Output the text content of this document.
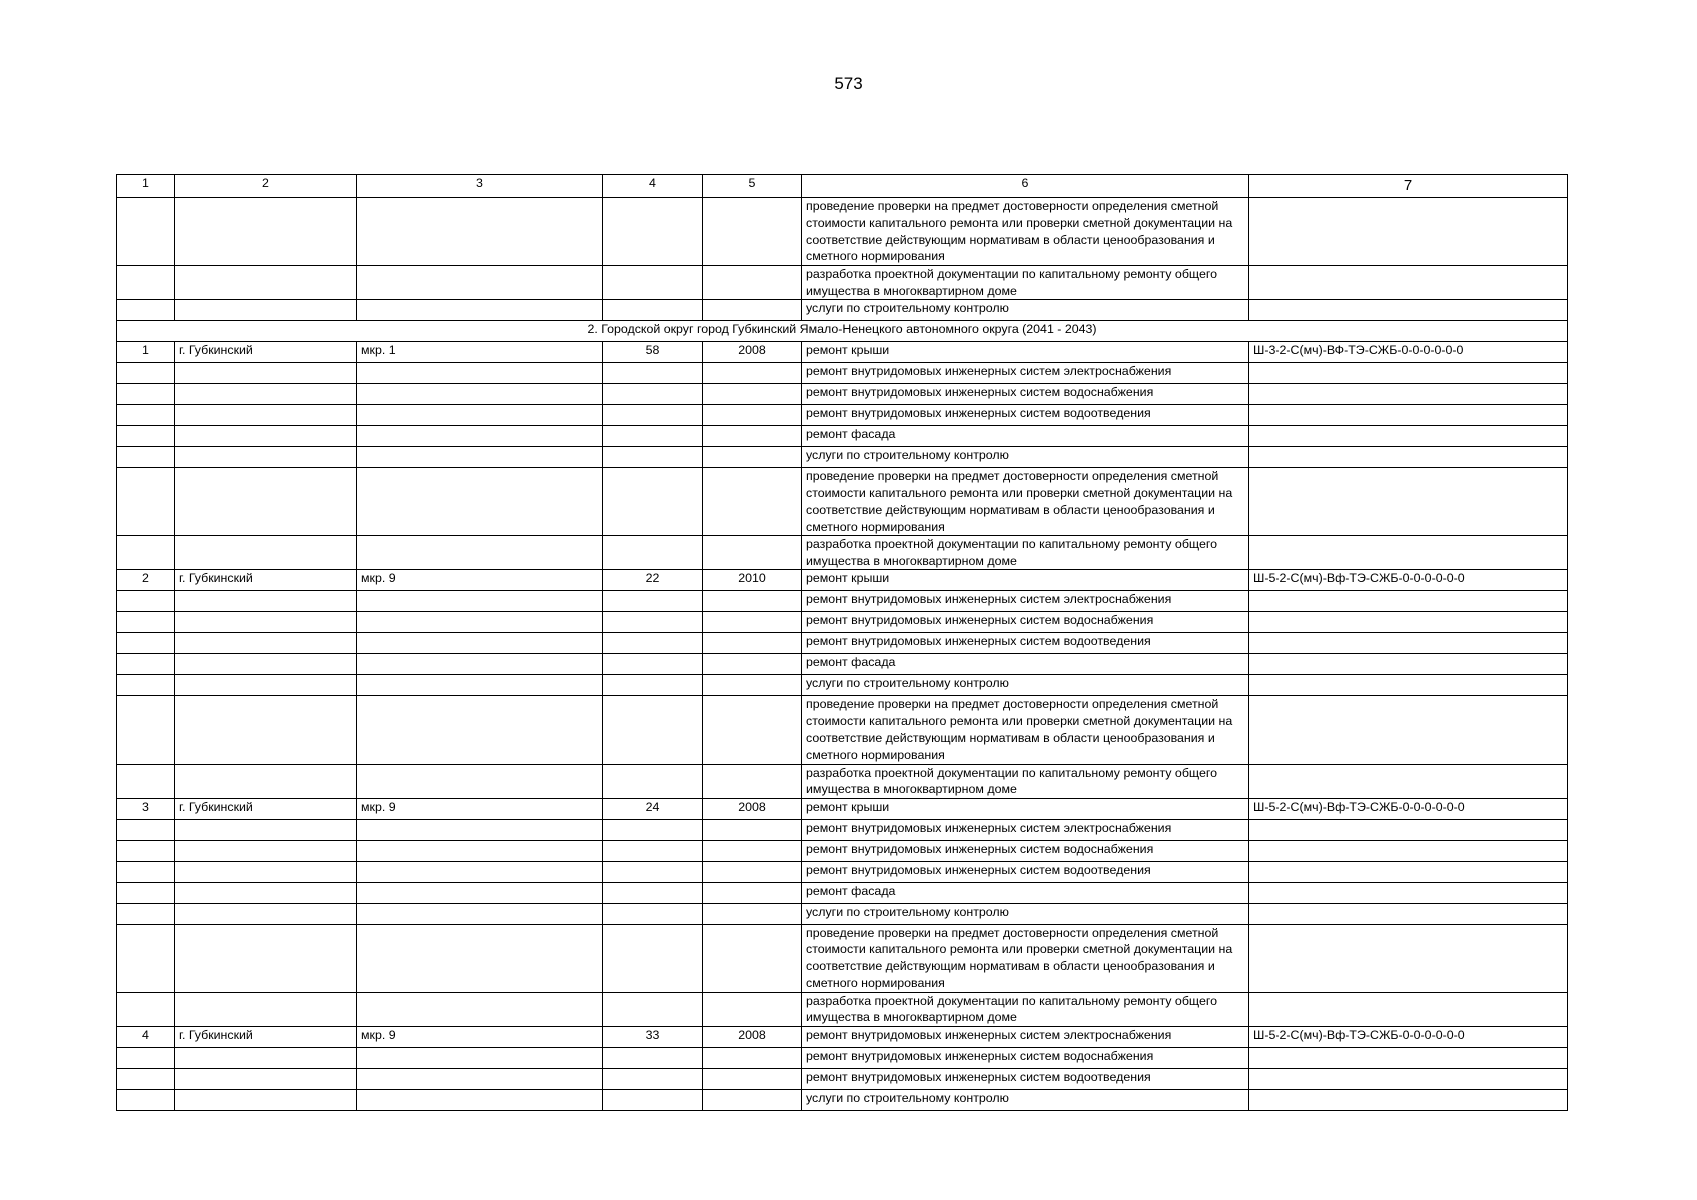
573
1	2	3	4	5	6	7
					проведение проверки на предмет достоверности определения сметной стоимости капитального ремонта или проверки сметной документации на соответствие действующим нормативам в области ценообразования и сметного нормирования	
					разработка проектной документации по капитальному ремонту общего имущества в многоквартирном доме	
					услуги по строительному контролю	
2. Городской округ город Губкинский Ямало-Ненецкого автономного округа (2041 - 2043)						
1	г. Губкинский	мкр. 1	58	2008	ремонт крыши	Ш-3-2-С(мч)-ВФ-ТЭ-СЖБ-0-0-0-0-0-0
					ремонт внутридомовых инженерных систем электроснабжения	
					ремонт внутридомовых инженерных систем водоснабжения	
					ремонт внутридомовых инженерных систем водоотведения	
					ремонт фасада	
					услуги по строительному контролю	
					проведение проверки на предмет достоверности определения сметной стоимости капитального ремонта или проверки сметной документации на соответствие действующим нормативам в области ценообразования и сметного нормирования	
					разработка проектной документации по капитальному ремонту общего имущества в многоквартирном доме	
2	г. Губкинский	мкр. 9	22	2010	ремонт крыши	Ш-5-2-С(мч)-Вф-ТЭ-СЖБ-0-0-0-0-0-0
					ремонт внутридомовых инженерных систем электроснабжения	
					ремонт внутридомовых инженерных систем водоснабжения	
					ремонт внутридомовых инженерных систем водоотведения	
					ремонт фасада	
					услуги по строительному контролю	
					проведение проверки на предмет достоверности определения сметной стоимости капитального ремонта или проверки сметной документации на соответствие действующим нормативам в области ценообразования и сметного нормирования	
					разработка проектной документации по капитальному ремонту общего имущества в многоквартирном доме	
3	г. Губкинский	мкр. 9	24	2008	ремонт крыши	Ш-5-2-С(мч)-Вф-ТЭ-СЖБ-0-0-0-0-0-0
					ремонт внутридомовых инженерных систем электроснабжения	
					ремонт внутридомовых инженерных систем водоснабжения	
					ремонт внутридомовых инженерных систем водоотведения	
					ремонт фасада	
					услуги по строительному контролю	
					проведение проверки на предмет достоверности определения сметной стоимости капитального ремонта или проверки сметной документации на соответствие действующим нормативам в области ценообразования и сметного нормирования	
					разработка проектной документации по капитальному ремонту общего имущества в многоквартирном доме	
4	г. Губкинский	мкр. 9	33	2008	ремонт внутридомовых инженерных систем электроснабжения	Ш-5-2-С(мч)-Вф-ТЭ-СЖБ-0-0-0-0-0-0
					ремонт внутридомовых инженерных систем водоснабжения	
					ремонт внутридомовых инженерных систем водоотведения	
					услуги по строительному контролю	
